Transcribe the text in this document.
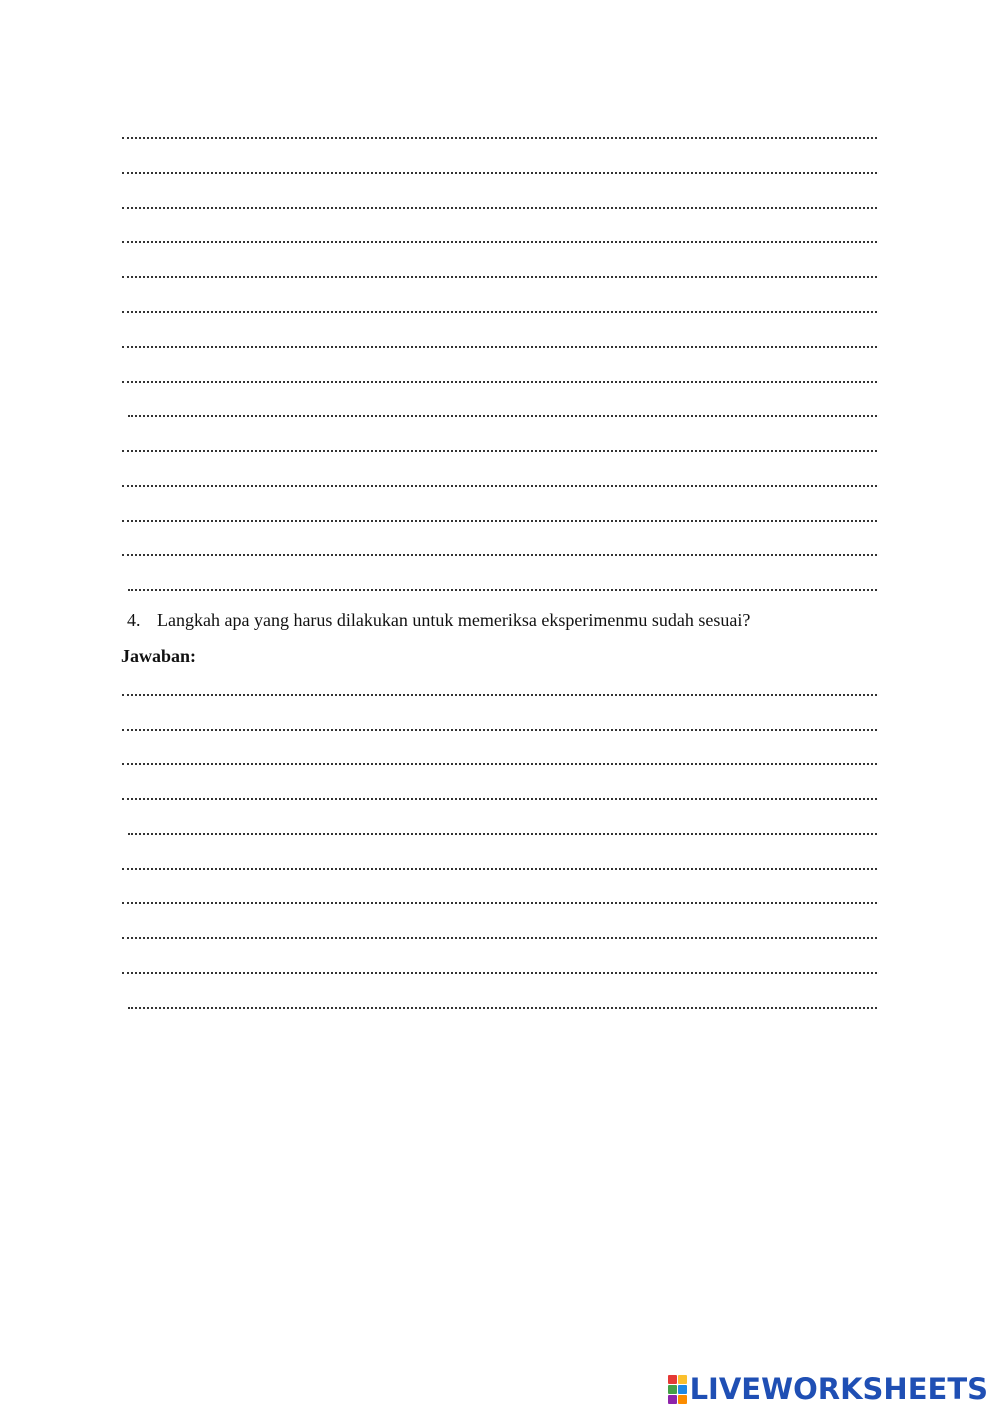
4. Langkah apa yang harus dilakukan untuk memeriksa eksperimenmu sudah sesuai?
Jawaban:
LIVEWORKSHEETS
